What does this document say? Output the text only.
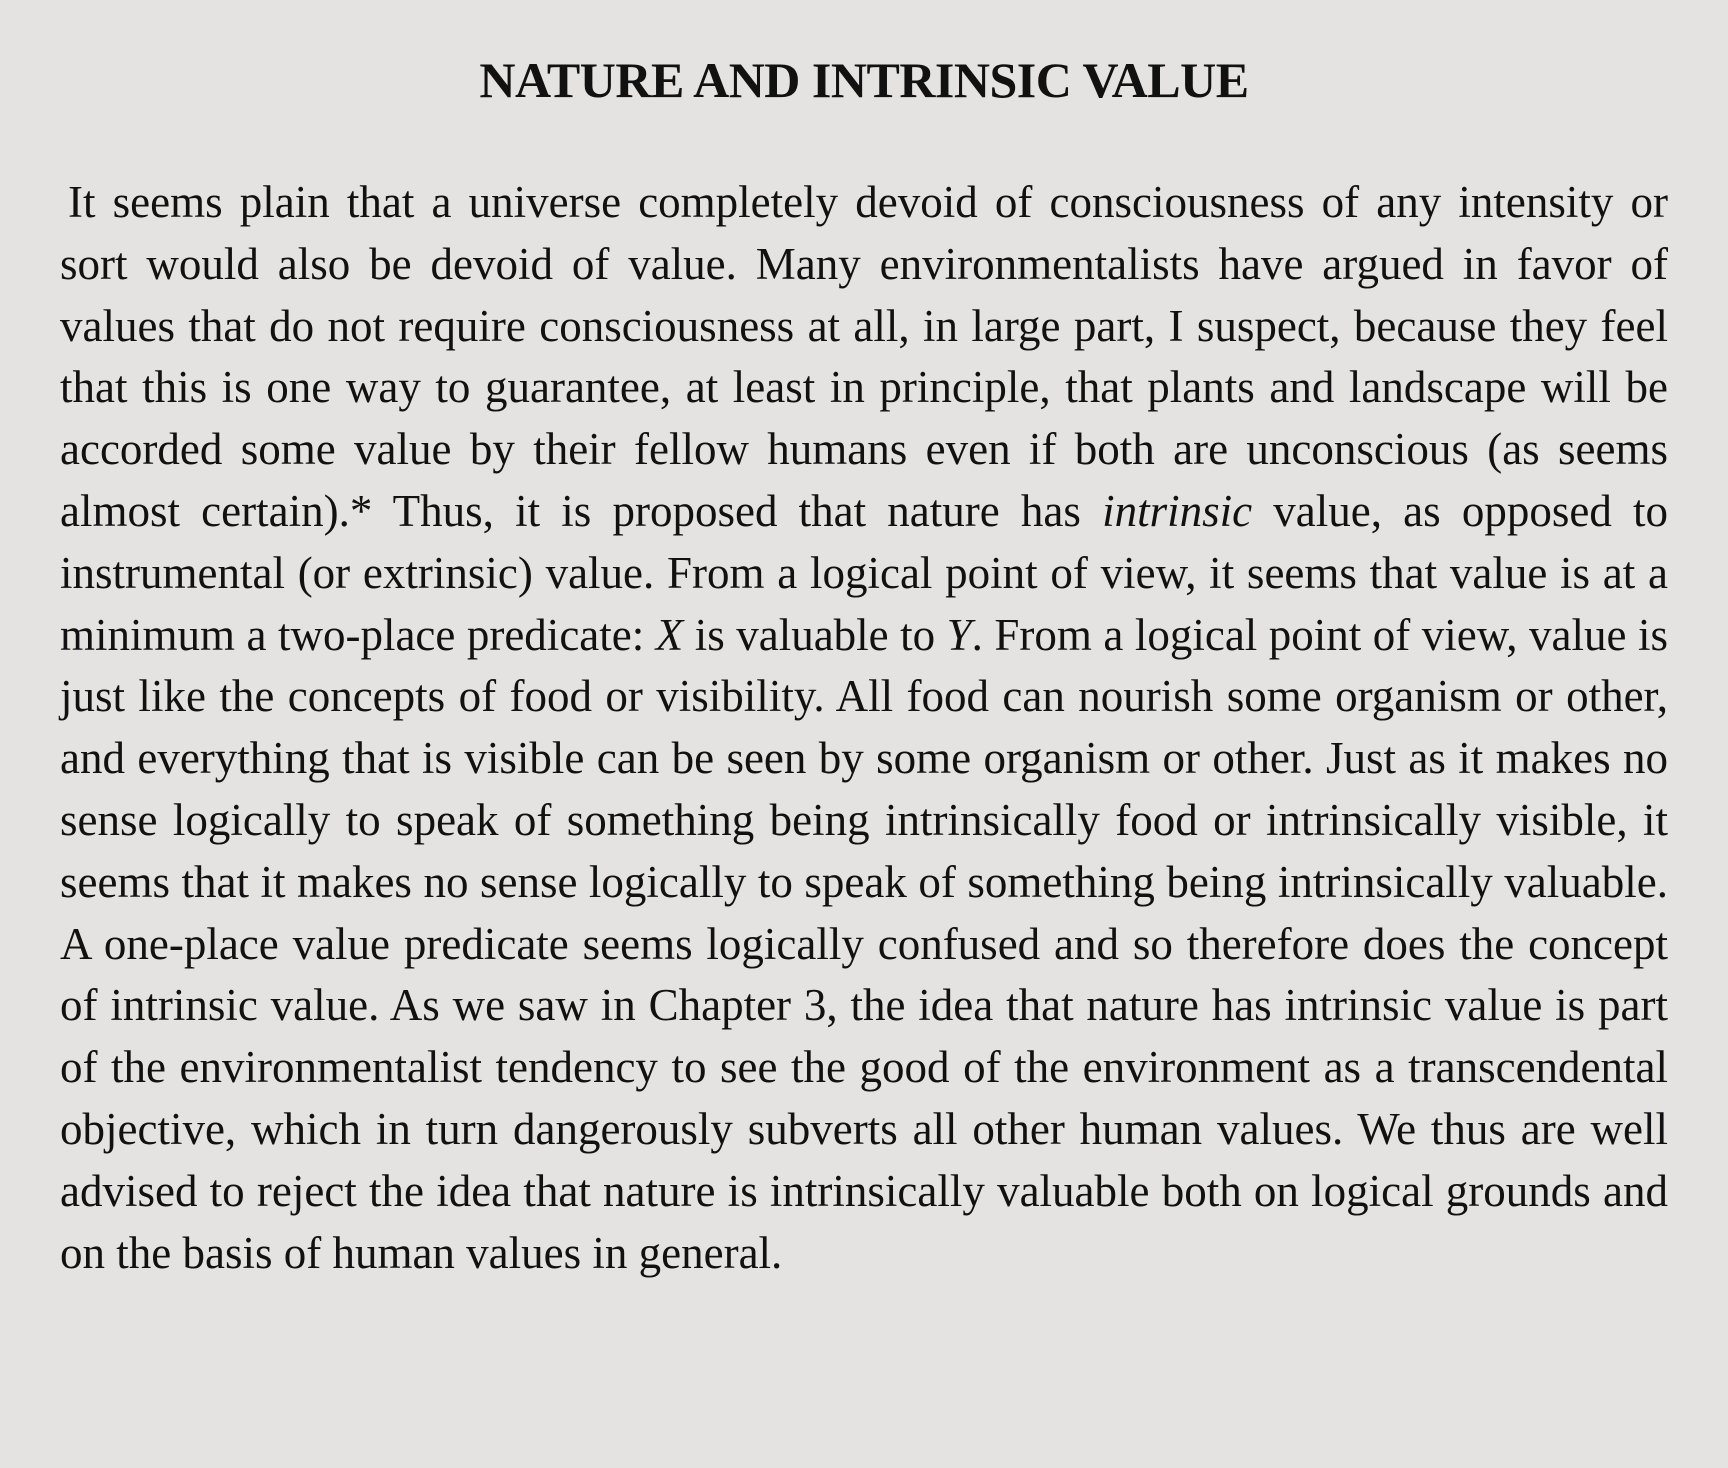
NATURE AND INTRINSIC VALUE

It seems plain that a universe completely devoid of consciousness of any intensity or sort would also be devoid of value. Many environmentalists have argued in favor of values that do not require consciousness at all, in large part, I suspect, because they feel that this is one way to guarantee, at least in principle, that plants and landscape will be accorded some value by their fellow humans even if both are unconscious (as seems almost certain).* Thus, it is proposed that nature has intrinsic value, as opposed to instrumental (or extrinsic) value. From a logical point of view, it seems that value is at a minimum a two-place predicate: X is valuable to Y. From a logical point of view, value is just like the concepts of food or visibility. All food can nourish some organism or other, and everything that is visible can be seen by some organism or other. Just as it makes no sense logically to speak of something being intrinsically food or intrinsically visible, it seems that it makes no sense logically to speak of something being intrinsically valuable. A one-place value predicate seems logically confused and so therefore does the concept of intrinsic value. As we saw in Chapter 3, the idea that nature has intrinsic value is part of the environmentalist tendency to see the good of the environment as a transcendental objective, which in turn dangerously subverts all other human values. We thus are well advised to reject the idea that nature is intrinsically valuable both on logical grounds and on the basis of human values in general.
